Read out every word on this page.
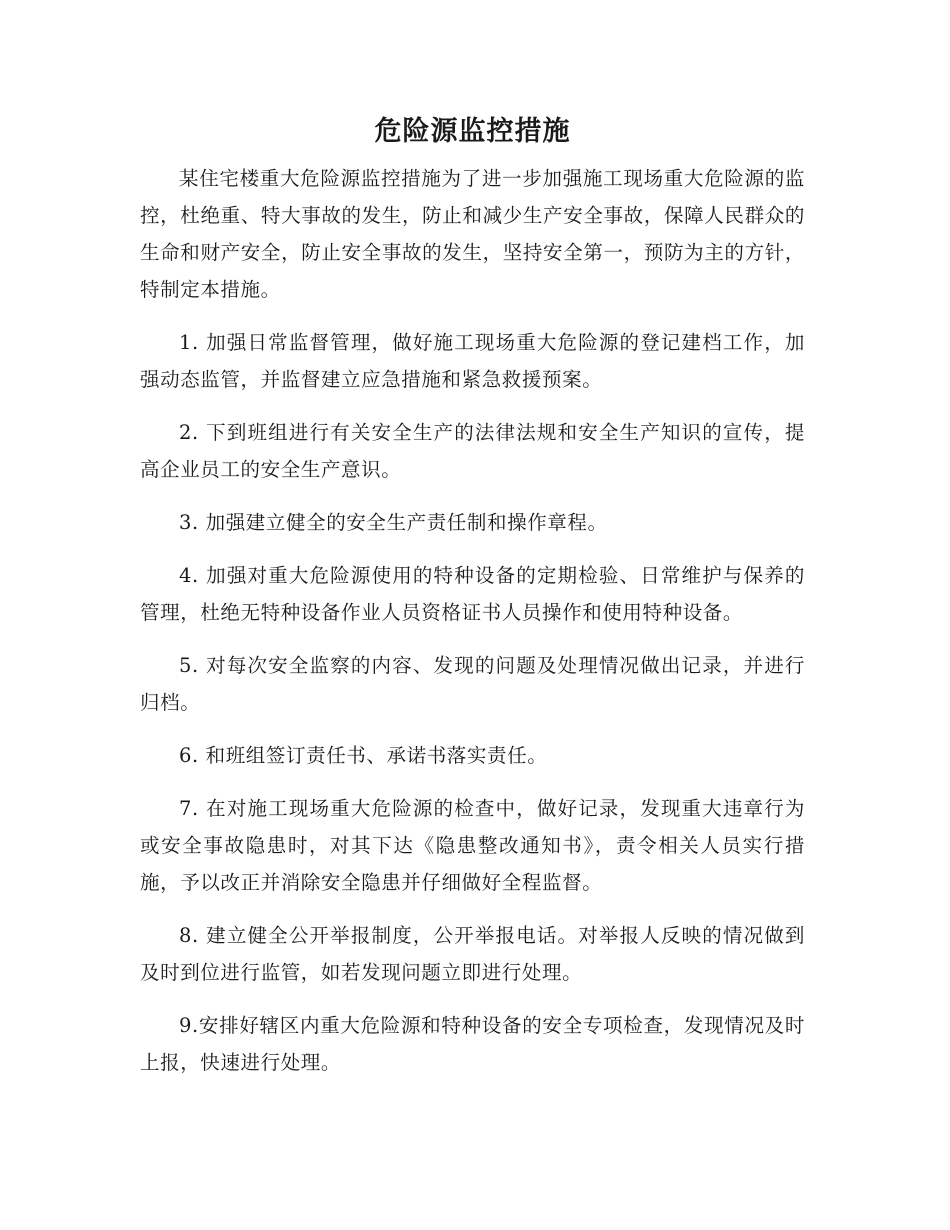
危险源监控措施

某住宅楼重大危险源监控措施为了进一步加强施工现场重大危险源的监控，杜绝重、特大事故的发生，防止和减少生产安全事故，保障人民群众的生命和财产安全，防止安全事故的发生，坚持安全第一，预防为主的方针，特制定本措施。

1. 加强日常监督管理，做好施工现场重大危险源的登记建档工作，加强动态监管，并监督建立应急措施和紧急救援预案。

2. 下到班组进行有关安全生产的法律法规和安全生产知识的宣传，提高企业员工的安全生产意识。

3. 加强建立健全的安全生产责任制和操作章程。

4. 加强对重大危险源使用的特种设备的定期检验、日常维护与保养的管理，杜绝无特种设备作业人员资格证书人员操作和使用特种设备。

5. 对每次安全监察的内容、发现的问题及处理情况做出记录，并进行归档。

6. 和班组签订责任书、承诺书落实责任。

7. 在对施工现场重大危险源的检查中，做好记录，发现重大违章行为或安全事故隐患时，对其下达《隐患整改通知书》，责令相关人员实行措施，予以改正并消除安全隐患并仔细做好全程监督。

8. 建立健全公开举报制度，公开举报电话。对举报人反映的情况做到及时到位进行监管，如若发现问题立即进行处理。

9.安排好辖区内重大危险源和特种设备的安全专项检查，发现情况及时上报，快速进行处理。
